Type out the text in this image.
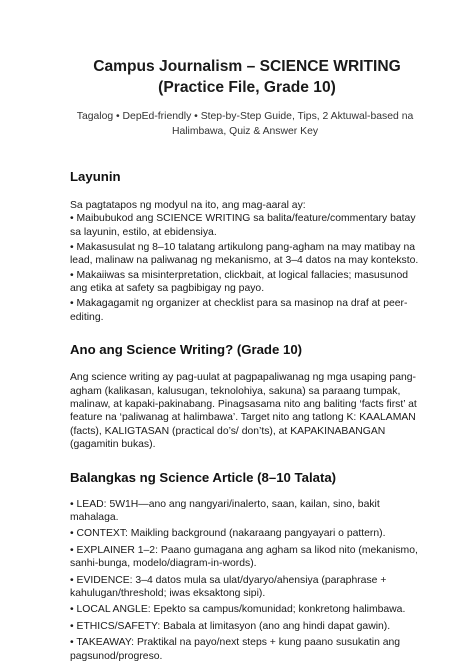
Campus Journalism – SCIENCE WRITING
(Practice File, Grade 10)
Tagalog • DepEd-friendly • Step-by-Step Guide, Tips, 2 Aktuwal-based na Halimbawa, Quiz & Answer Key
Layunin

Sa pagtatapos ng modyul na ito, ang mag-aaral ay:

• Maibubukod ang SCIENCE WRITING sa balita/feature/commentary batay sa layunin, estilo, at ebidensiya.
• Makasusulat ng 8–10 talatang artikulong pang-agham na may matibay na lead, malinaw na paliwanag ng mekanismo, at 3–4 datos na may konteksto.
• Makaiiwas sa misinterpretation, clickbait, at logical fallacies; masusunod ang etika at safety sa pagbibigay ng payo.
• Makagagamit ng organizer at checklist para sa masinop na draf at peer-editing.
Ano ang Science Writing? (Grade 10)

Ang science writing ay pag-uulat at pagpapaliwanag ng mga usaping pang-agham (kalikasan, kalusugan, teknolohiya, sakuna) sa paraang tumpak, malinaw, at kapaki-pakinabang. Pinagsasama nito ang baliting ‘facts first’ at feature na ‘paliwanag at halimbawa’. Target nito ang tatlong K: KAALAMAN (facts), KALIGTASAN (practical do’s/ don’ts), at KAPAKINABANGAN (gagamitin bukas).

Balangkas ng Science Article (8–10 Talata)
• LEAD: 5W1H—ano ang nangyari/inalerto, saan, kailan, sino, bakit mahalaga.
• CONTEXT: Maikling background (nakaraang pangyayari o pattern).
• EXPLAINER 1–2: Paano gumagana ang agham sa likod nito (mekanismo, sanhi-bunga, modelo/diagram-in-words).
• EVIDENCE: 3–4 datos mula sa ulat/dyaryo/ahensiya (paraphrase + kahulugan/threshold; iwas eksaktong sipi).
• LOCAL ANGLE: Epekto sa campus/komunidad; konkretong halimbawa.
• ETHICS/SAFETY: Babala at limitasyon (ano ang hindi dapat gawin).
• TAKEAWAY: Praktikal na payo/next steps + kung paano susukatin ang pagsunod/progreso.
